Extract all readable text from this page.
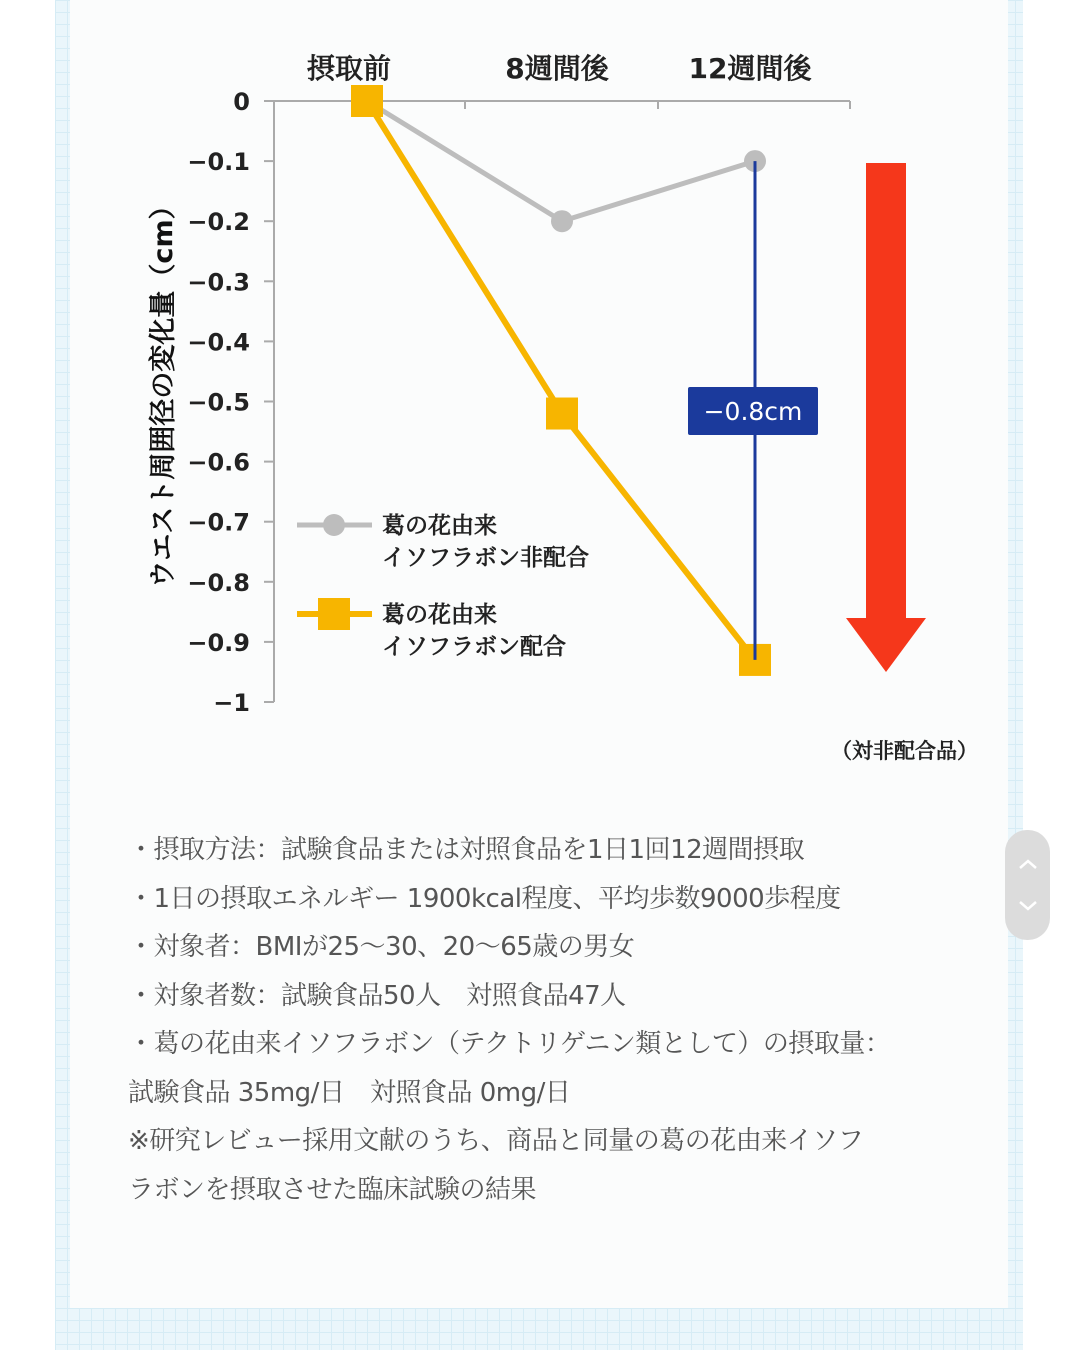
0
−0.1
−0.2
−0.3
−0.4
−0.5
−0.6
−0.7
−0.8
−0.9
−1
摂取前	8週間後	12週間後
ウエスト周囲径の変化量（cm）	−0.8cm
葛の花由来
イソフラボン非配合
葛の花由来
イソフラボン配合
（対非配合品）
・摂取方法：試験食品または対照食品を1日1回12週間摂取
・1日の摂取エネルギー 1900kcal程度、平均歩数9000歩程度
・対象者：BMIが25〜30、20〜65歳の男女
・対象者数：試験食品50人　対照食品47人
・葛の花由来イソフラボン（テクトリゲニン類として）の摂取量：
試験食品 35mg/日　対照食品 0mg/日
※研究レビュー採用文献のうち、商品と同量の葛の花由来イソフ
ラボンを摂取させた臨床試験の結果
